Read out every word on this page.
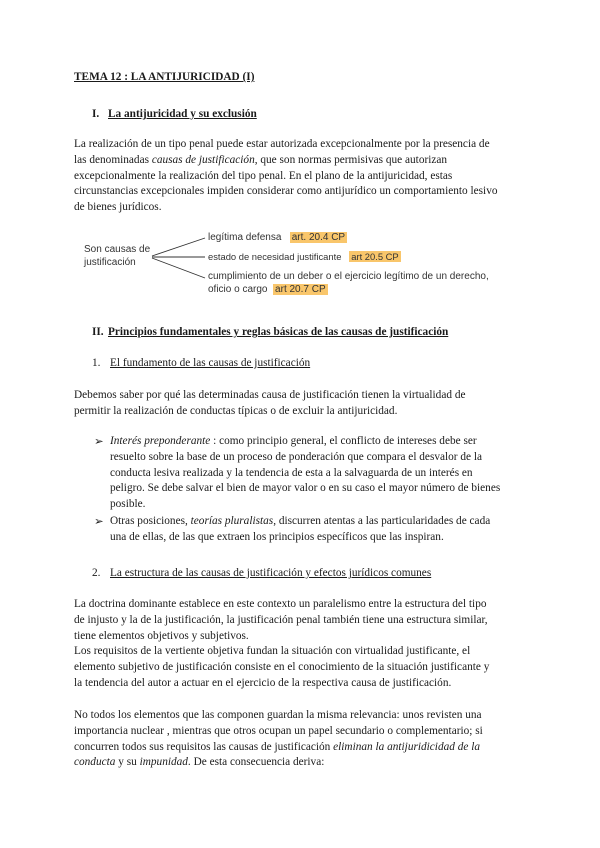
TEMA 12 : LA ANTIJURICIDAD (I)
I. La antijuricidad y su exclusión
La realización de un tipo penal puede estar autorizada excepcionalmente por la presencia de
las denominadas causas de justificación, que son normas permisivas que autorizan
excepcionalmente la realización del tipo penal. En el plano de la antijuricidad, estas
circunstancias excepcionales impiden considerar como antijurídico un comportamiento lesivo
de bienes jurídicos.
Son causas de
justificación
legítima defensa art. 20.4 CP
estado de necesidad justificante art 20.5 CP
cumplimiento de un deber o el ejercicio legítimo de un derecho,
oficio o cargo art 20.7 CP
II. Principios fundamentales y reglas básicas de las causas de justificación
1. El fundamento de las causas de justificación
Debemos saber por qué las determinadas causa de justificación tienen la virtualidad de
permitir la realización de conductas típicas o de excluir la antijuricidad.
➢ Interés preponderante : como principio general, el conflicto de intereses debe ser
resuelto sobre la base de un proceso de ponderación que compara el desvalor de la
conducta lesiva realizada y la tendencia de esta a la salvaguarda de un interés en
peligro. Se debe salvar el bien de mayor valor o en su caso el mayor número de bienes
posible.
➢ Otras posiciones, teorías pluralistas, discurren atentas a las particularidades de cada
una de ellas, de las que extraen los principios específicos que las inspiran.
2. La estructura de las causas de justificación y efectos jurídicos comunes
La doctrina dominante establece en este contexto un paralelismo entre la estructura del tipo
de injusto y la de la justificación, la justificación penal también tiene una estructura similar,
tiene elementos objetivos y subjetivos.
Los requisitos de la vertiente objetiva fundan la situación con virtualidad justificante, el
elemento subjetivo de justificación consiste en el conocimiento de la situación justificante y
la tendencia del autor a actuar en el ejercicio de la respectiva causa de justificación.
No todos los elementos que las componen guardan la misma relevancia: unos revisten una
importancia nuclear , mientras que otros ocupan un papel secundario o complementario; si
concurren todos sus requisitos las causas de justificación eliminan la antijuridicidad de la
conducta y su impunidad. De esta consecuencia deriva:
